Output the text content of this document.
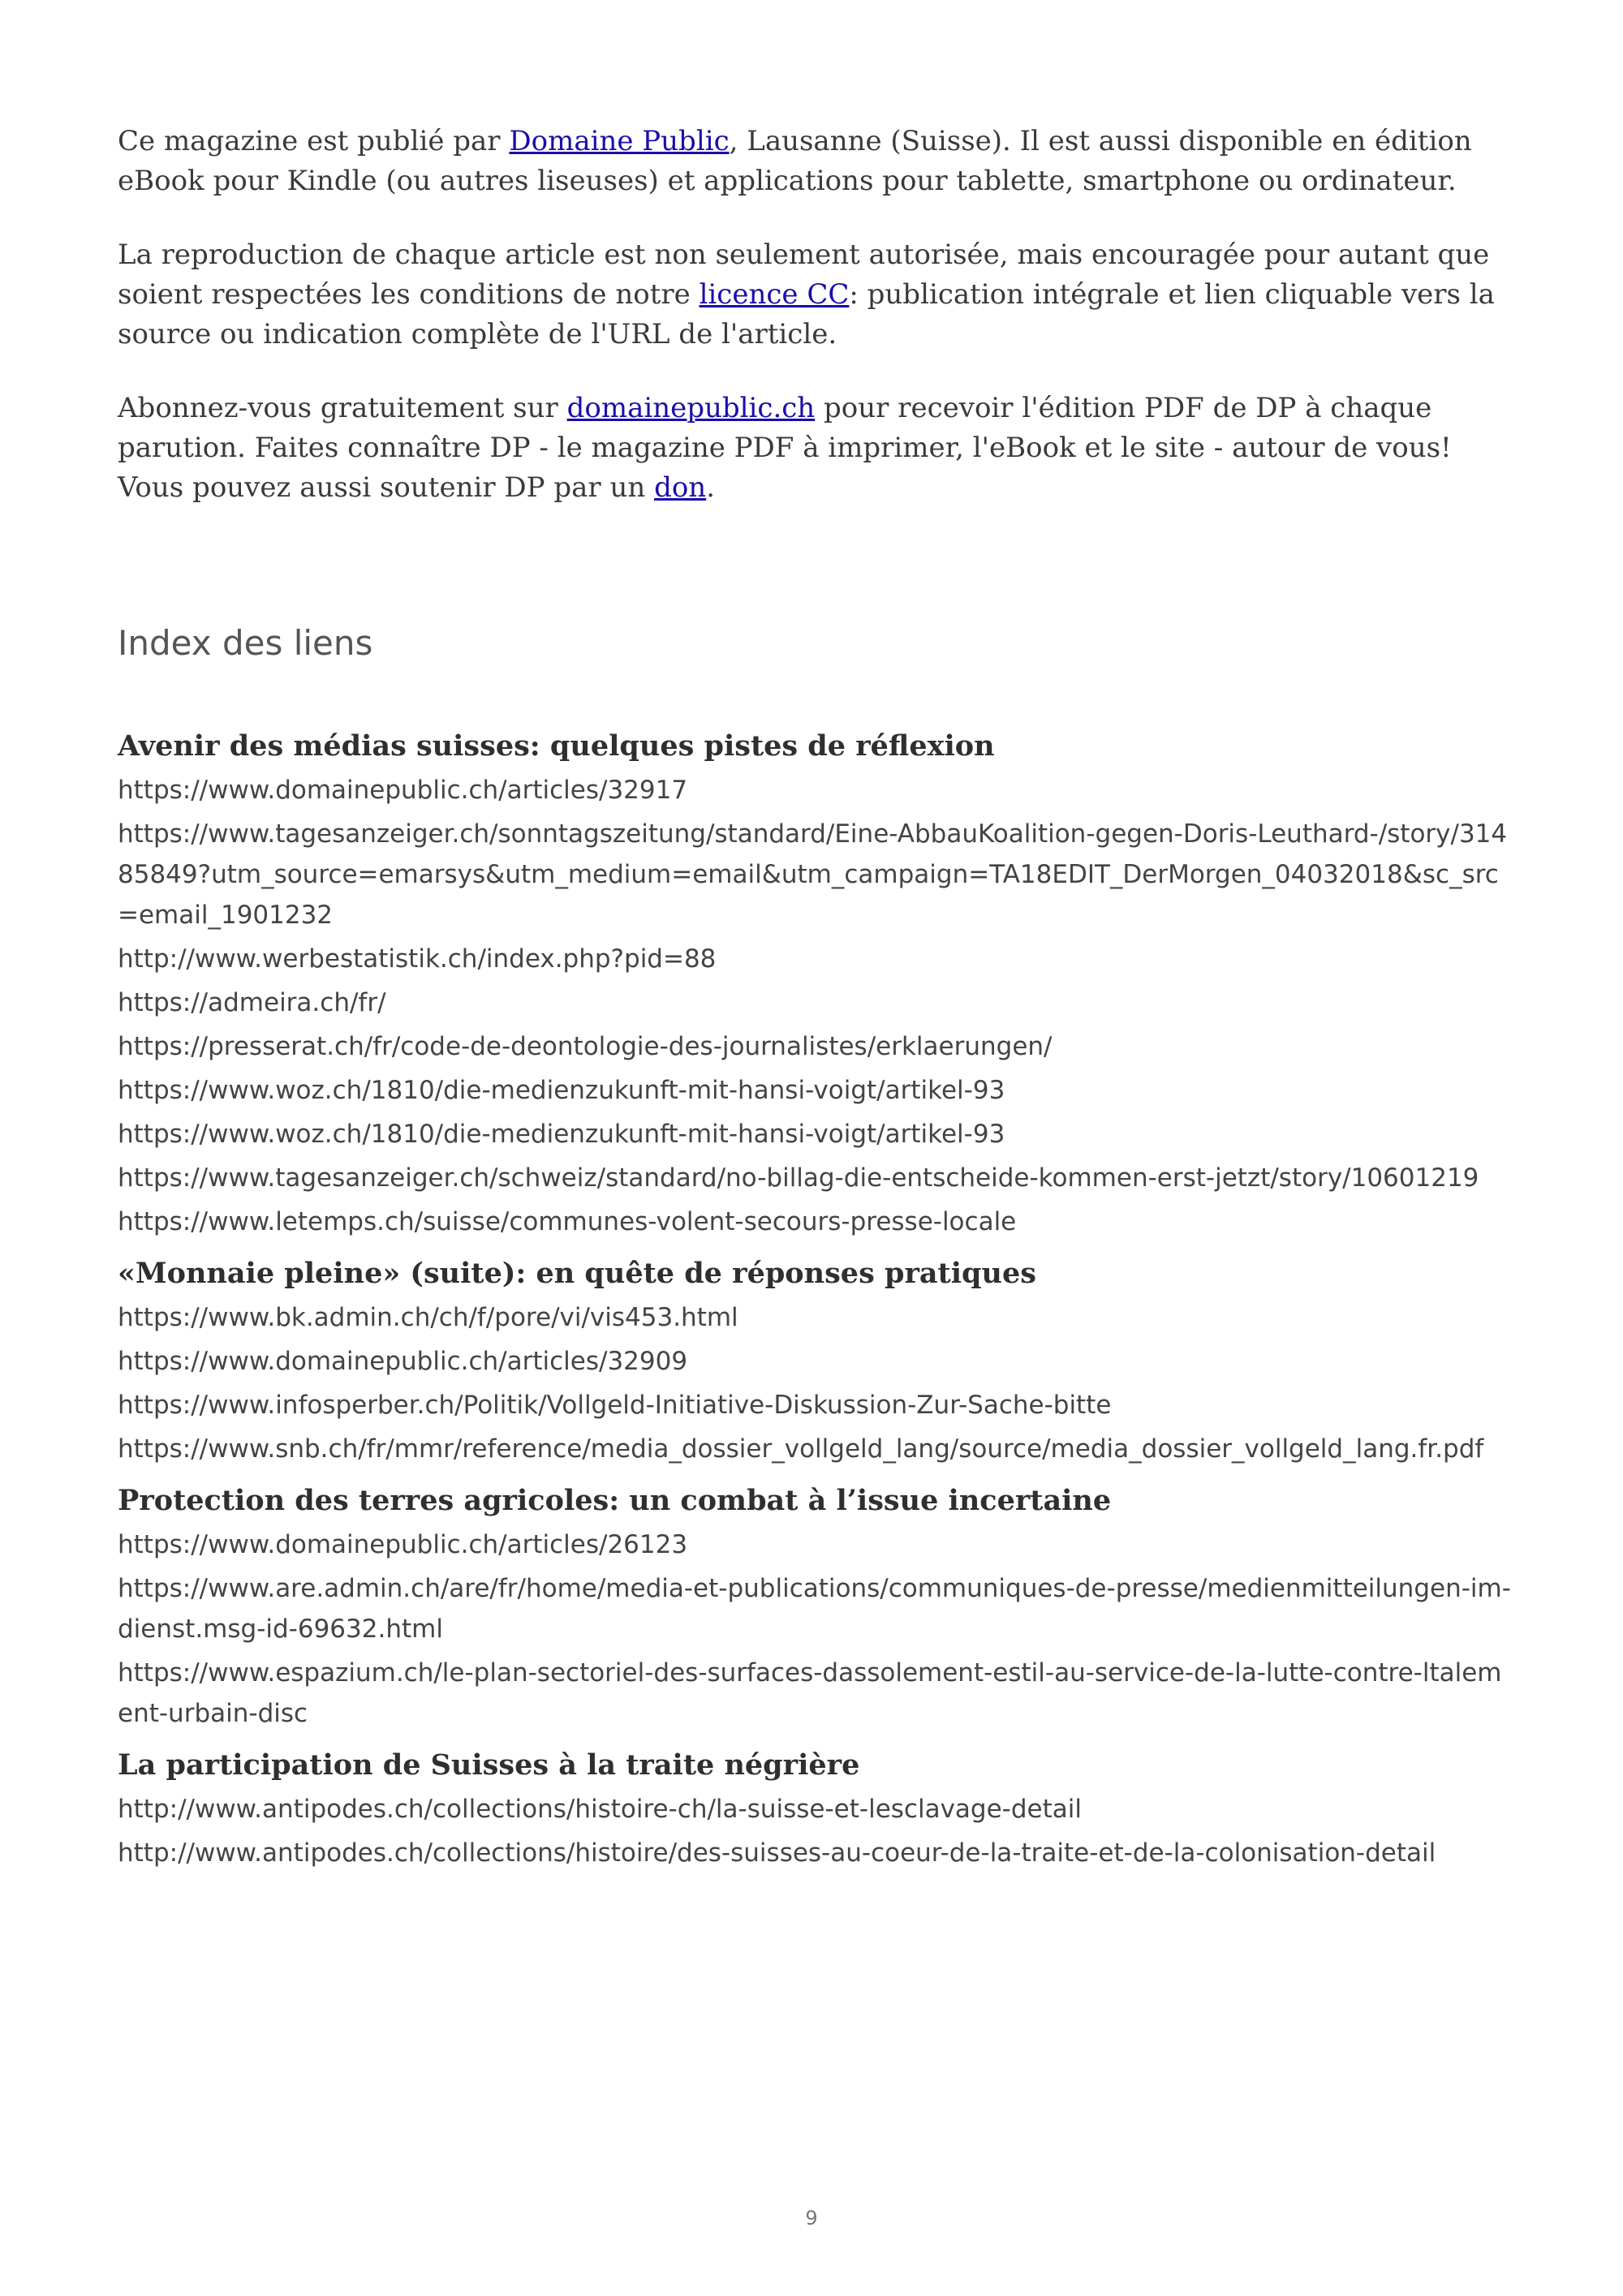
Ce magazine est publié par Domaine Public, Lausanne (Suisse). Il est aussi disponible en édition eBook pour Kindle (ou autres liseuses) et applications pour tablette, smartphone ou ordinateur.

La reproduction de chaque article est non seulement autorisée, mais encouragée pour autant que soient respectées les conditions de notre licence CC: publication intégrale et lien cliquable vers la source ou indication complète de l'URL de l'article.

Abonnez-vous gratuitement sur domainepublic.ch pour recevoir l'édition PDF de DP à chaque parution. Faites connaître DP - le magazine PDF à imprimer, l'eBook et le site - autour de vous! Vous pouvez aussi soutenir DP par un don.

Index des liens
Avenir des médias suisses: quelques pistes de réflexion
https://www.domainepublic.ch/articles/32917
https://www.tagesanzeiger.ch/sonntagszeitung/standard/Eine-AbbauKoalition-gegen-Doris-Leuthard-/story/31485849?utm_source=emarsys&utm_medium=email&utm_campaign=TA18EDIT_DerMorgen_04032018&sc_src=email_1901232
http://www.werbestatistik.ch/index.php?pid=88
https://admeira.ch/fr/
https://presserat.ch/fr/code-de-deontologie-des-journalistes/erklaerungen/
https://www.woz.ch/1810/die-medienzukunft-mit-hansi-voigt/artikel-93
https://www.woz.ch/1810/die-medienzukunft-mit-hansi-voigt/artikel-93
https://www.tagesanzeiger.ch/schweiz/standard/no-billag-die-entscheide-kommen-erst-jetzt/story/10601219
https://www.letemps.ch/suisse/communes-volent-secours-presse-locale
«Monnaie pleine» (suite): en quête de réponses pratiques
https://www.bk.admin.ch/ch/f/pore/vi/vis453.html
https://www.domainepublic.ch/articles/32909
https://www.infosperber.ch/Politik/Vollgeld-Initiative-Diskussion-Zur-Sache-bitte
https://www.snb.ch/fr/mmr/reference/media_dossier_vollgeld_lang/source/media_dossier_vollgeld_lang.fr.pdf
Protection des terres agricoles: un combat à l’issue incertaine
https://www.domainepublic.ch/articles/26123
https://www.are.admin.ch/are/fr/home/media-et-publications/communiques-de-presse/medienmitteilungen-im-dienst.msg-id-69632.html
https://www.espazium.ch/le-plan-sectoriel-des-surfaces-dassolement-estil-au-service-de-la-lutte-contre-ltalement-urbain-disc
La participation de Suisses à la traite négrière
http://www.antipodes.ch/collections/histoire-ch/la-suisse-et-lesclavage-detail
http://www.antipodes.ch/collections/histoire/des-suisses-au-coeur-de-la-traite-et-de-la-colonisation-detail
9
